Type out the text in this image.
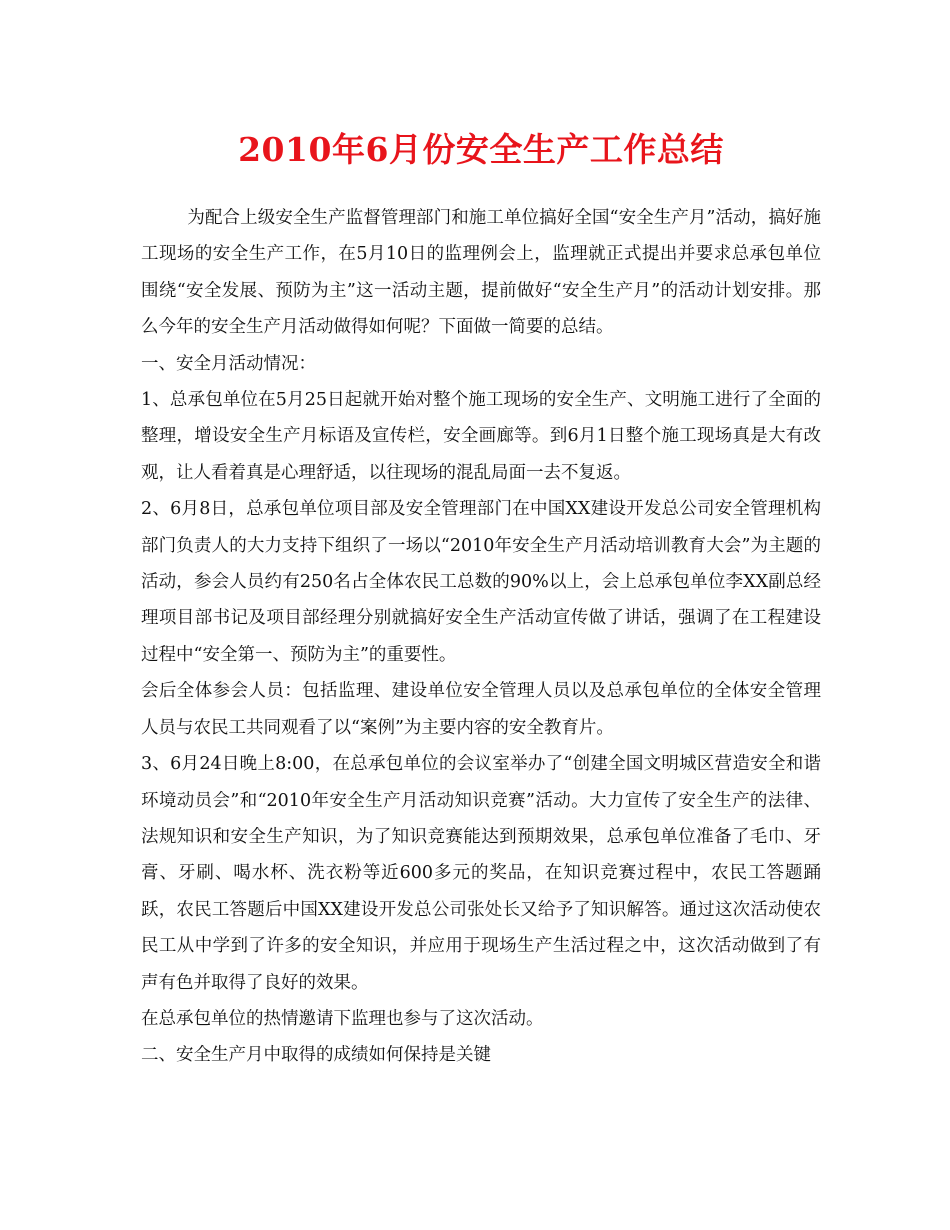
2010年6月份安全生产工作总结

为配合上级安全生产监督管理部门和施工单位搞好全国“安全生产月”活动，搞好施工现场的安全生产工作，在5月10日的监理例会上，监理就正式提出并要求总承包单位围绕“安全发展、预防为主”这一活动主题，提前做好“安全生产月”的活动计划安排。那么今年的安全生产月活动做得如何呢？下面做一简要的总结。

一、安全月活动情况：

1、总承包单位在5月25日起就开始对整个施工现场的安全生产、文明施工进行了全面的整理，增设安全生产月标语及宣传栏，安全画廊等。到6月1日整个施工现场真是大有改观，让人看着真是心理舒适，以往现场的混乱局面一去不复返。

2、6月8日，总承包单位项目部及安全管理部门在中国XX建设开发总公司安全管理机构部门负责人的大力支持下组织了一场以“2010年安全生产月活动培训教育大会”为主题的活动，参会人员约有250名占全体农民工总数的90%以上，会上总承包单位李XX副总经理项目部书记及项目部经理分别就搞好安全生产活动宣传做了讲话，强调了在工程建设过程中“安全第一、预防为主”的重要性。

会后全体参会人员：包括监理、建设单位安全管理人员以及总承包单位的全体安全管理人员与农民工共同观看了以“案例”为主要内容的安全教育片。

3、6月24日晚上8:00，在总承包单位的会议室举办了“创建全国文明城区营造安全和谐环境动员会”和“2010年安全生产月活动知识竞赛”活动。大力宣传了安全生产的法律、法规知识和安全生产知识，为了知识竞赛能达到预期效果，总承包单位准备了毛巾、牙膏、牙刷、喝水杯、洗衣粉等近600多元的奖品，在知识竞赛过程中，农民工答题踊跃，农民工答题后中国XX建设开发总公司张处长又给予了知识解答。通过这次活动使农民工从中学到了许多的安全知识，并应用于现场生产生活过程之中，这次活动做到了有声有色并取得了良好的效果。

在总承包单位的热情邀请下监理也参与了这次活动。

二、安全生产月中取得的成绩如何保持是关键
